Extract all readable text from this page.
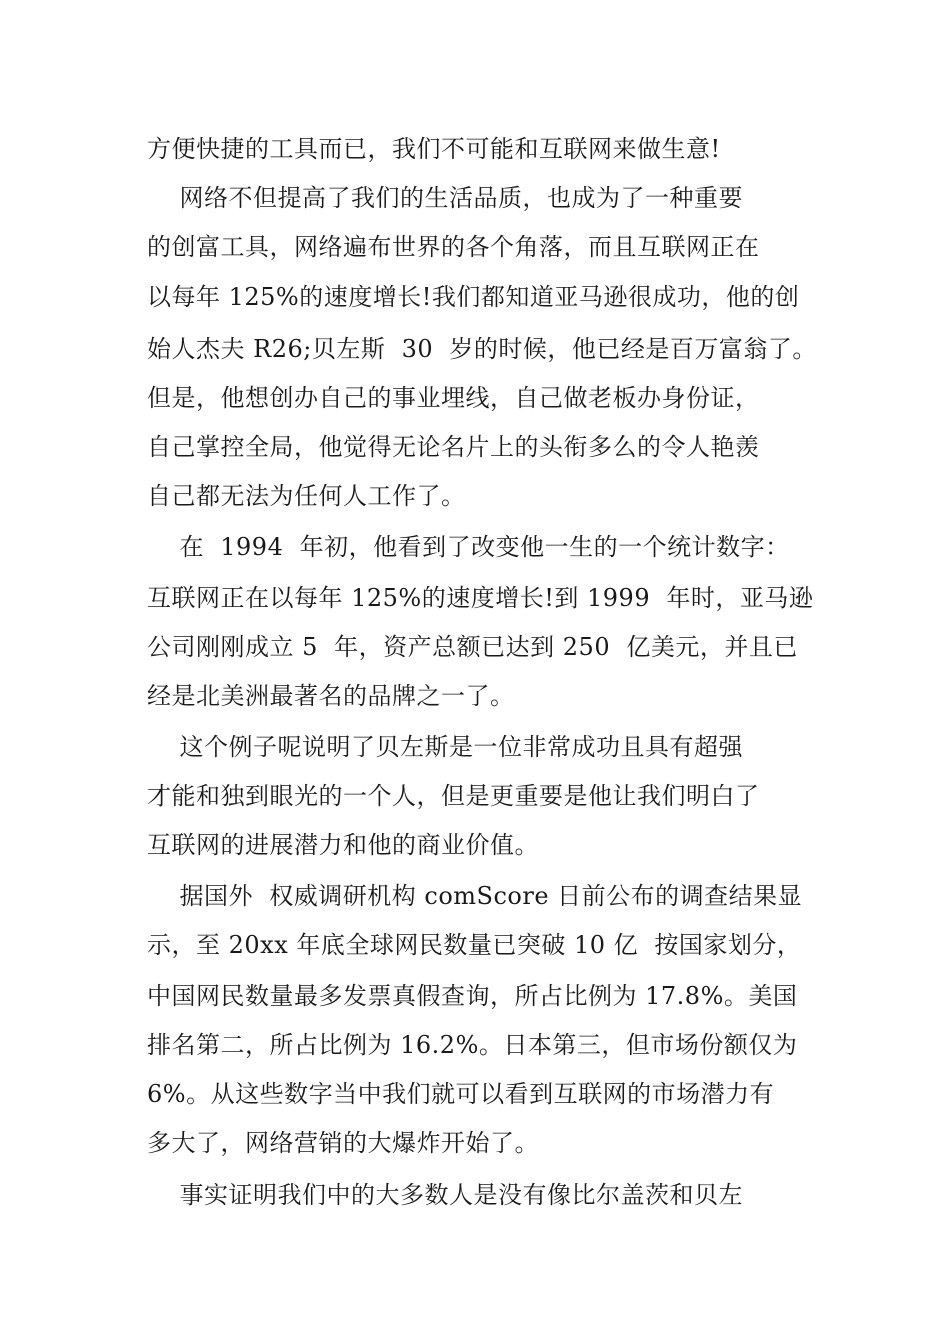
方便快捷的工具而已，我们不可能和互联网来做生意!
网络不但提高了我们的生活品质，也成为了一种重要
的创富工具，网络遍布世界的各个角落，而且互联网正在
以每年 125%的速度增长!我们都知道亚马逊很成功，他的创
始人杰夫 R26;贝左斯  30  岁的时候，他已经是百万富翁了。
但是，他想创办自己的事业埋线，自己做老板办身份证，
自己掌控全局，他觉得无论名片上的头衔多么的令人艳羡
自己都无法为任何人工作了。
在  1994  年初，他看到了改变他一生的一个统计数字：
互联网正在以每年 125%的速度增长!到 1999  年时，亚马逊
公司刚刚成立 5  年，资产总额已达到 250  亿美元，并且已
经是北美洲最著名的品牌之一了。
这个例子呢说明了贝左斯是一位非常成功且具有超强
才能和独到眼光的一个人，但是更重要是他让我们明白了
互联网的进展潜力和他的商业价值。
据国外  权威调研机构 comScore 日前公布的调查结果显
示，至 20xx 年底全球网民数量已突破 10 亿  按国家划分，
中国网民数量最多发票真假查询，所占比例为 17.8%。美国
排名第二，所占比例为 16.2%。日本第三，但市场份额仅为
6%。从这些数字当中我们就可以看到互联网的市场潜力有
多大了，网络营销的大爆炸开始了。
事实证明我们中的大多数人是没有像比尔盖茨和贝左
